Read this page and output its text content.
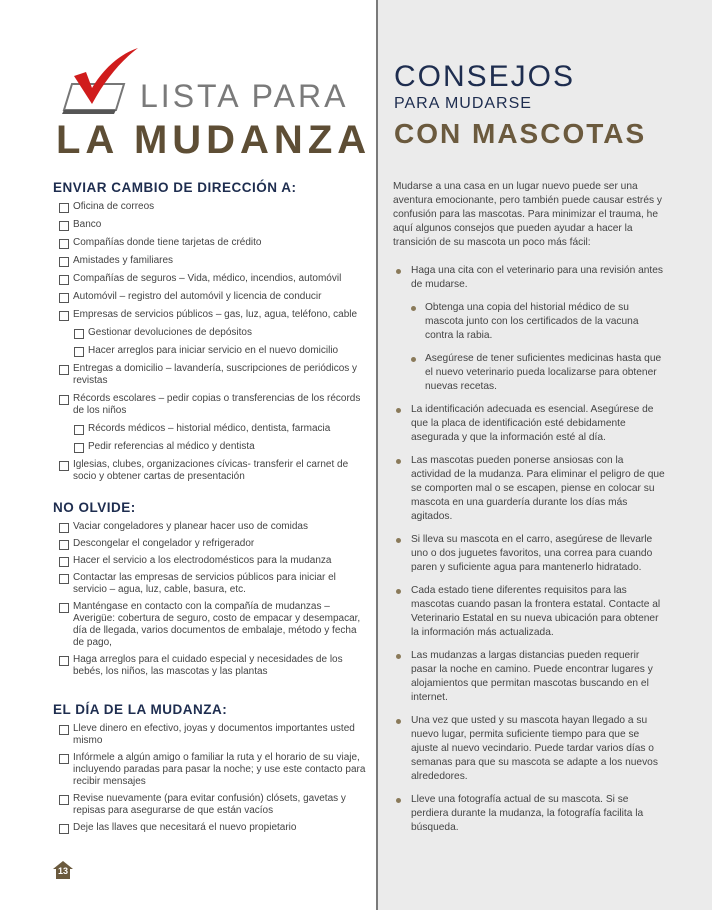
LISTA PARA
LA MUDANZA
ENVIAR CAMBIO DE DIRECCIÓN A:
Oficina de correos
Banco
Compañías donde tiene tarjetas de crédito
Amistades y familiares
Compañías de seguros – Vida, médico, incendios, automóvil
Automóvil – registro del automóvil y licencia de conducir
Empresas de servicios públicos – gas, luz, agua, teléfono, cable
Gestionar devoluciones de depósitos
Hacer arreglos para iniciar servicio en el nuevo domicilio
Entregas a domicilio – lavandería, suscripciones de periódicos y revistas
Récords escolares – pedir copias o transferencias de los récords de los niños
Récords médicos – historial médico, dentista, farmacia
Pedir referencias al médico y dentista
Iglesias, clubes, organizaciones cívicas- transferir el carnet de socio y obtener cartas de presentación
NO OLVIDE:
Vaciar congeladores y planear hacer uso de comidas
Descongelar el congelador y refrigerador
Hacer el servicio a los electrodomésticos para la mudanza
Contactar las empresas de servicios públicos para iniciar el servicio – agua, luz, cable, basura, etc.
Manténgase en contacto con la compañía de mudanzas – Averigüe: cobertura de seguro, costo de empacar y desempacar, día de llegada, varios documentos de embalaje, método y fecha de pago,
Haga arreglos para el cuidado especial y necesidades de los bebés, los niños, las mascotas y las plantas
EL DÍA DE LA MUDANZA:
Lleve dinero en efectivo, joyas y documentos importantes usted mismo
Infórmele a algún amigo o familiar la ruta y el horario de su viaje, incluyendo paradas para pasar la noche; y use este contacto para recibir mensajes
Revise nuevamente (para evitar confusión) clósets, gavetas y repisas para asegurarse de que están vacíos
Deje las llaves que necesitará el nuevo propietario
13
CONSEJOS
PARA MUDARSE
CON MASCOTAS
Mudarse a una casa en un lugar nuevo puede ser una aventura emocionante, pero también puede causar estrés y confusión para las mascotas. Para minimizar el trauma, he aquí algunos consejos que pueden ayudar a hacer la transición de su mascota un poco más fácil:
Haga una cita con el veterinario para una revisión antes de mudarse.
Obtenga una copia del historial médico de su mascota junto con los certificados de la vacuna contra la rabia.
Asegúrese de tener suficientes medicinas hasta que el nuevo veterinario pueda localizarse para obtener nuevas recetas.
La identificación adecuada es esencial. Asegúrese de que la placa de identificación esté debidamente asegurada y que la información esté al día.
Las mascotas pueden ponerse ansiosas con la actividad de la mudanza. Para eliminar el peligro de que se comporten mal o se escapen, piense en colocar su mascota en una guardería durante los días más agitados.
Si lleva su mascota en el carro, asegúrese de llevarle uno o dos juguetes favoritos, una correa para cuando paren y suficiente agua para mantenerlo hidratado.
Cada estado tiene diferentes requisitos para las mascotas cuando pasan la frontera estatal. Contacte al Veterinario Estatal en su nueva ubicación para obtener la información más actualizada.
Las mudanzas a largas distancias pueden requerir pasar la noche en camino. Puede encontrar lugares y alojamientos que permitan mascotas buscando en el internet.
Una vez que usted y su mascota hayan llegado a su nuevo lugar, permita suficiente tiempo para que se ajuste al nuevo vecindario. Puede tardar varios días o semanas para que su mascota se adapte a los nuevos alrededores.
Lleve una fotografía actual de su mascota. Si se perdiera durante la mudanza, la fotografía facilita la búsqueda.
